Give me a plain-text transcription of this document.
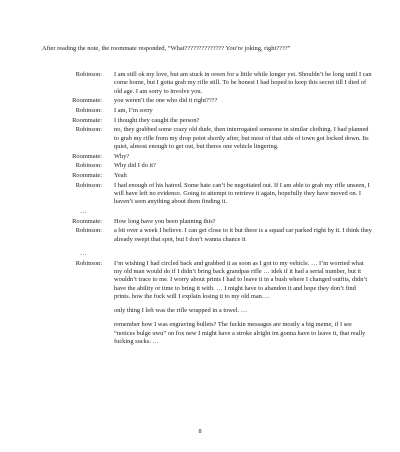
After reading the note, the roommate responded, “What?????????????? You’re joking, right????”
Robinson:	I am still ok my love, but am stuck in oreen for a little while longer yet. Shouldn’t be long until I can come home, but I gotta grab my rifle still. To be honest I had hoped to keep this secret till I died of old age. I am sorry to involve you.
Roommate:	you weren’t the one who did it right????
Robinson:	I am, I’m sorry
Roommate:	I thought they caught the person?
Robinson:	no, they grabbed some crazy old dude, then interrogated someone in similar clothing. I had planned to grab my rifle from my drop point shortly after, but most of that side of town got locked down. Its quiet, almost enough to get out, but theres one vehicle lingering.
Roommate:	Why?
Robinson:	Why did I do it?
Roommate:	Yeah
Robinson:	I had enough of his hatred. Some hate can’t be negotiated out. If I am able to grab my rifle unseen, I will have left no evidence. Going to attempt to retrieve it again, hopefully they have moved on. I haven’t seen anything about them finding it.
…
Roommate:	How long have you been planning this?
Robinson:	a bit over a week I believe. I can get close to it but there is a squad car parked right by it. I think they already swept that spot, but I don’t wanna chance it
…
Robinson:	I’m wishing I had circled back and grabbed it as soon as I got to my vehicle. … I’m worried what my old man would do if I didn’t bring back grandpas rifle … idek if it had a serial number, but it wouldn’t trace to me. I worry about prints I had to leave it in a bush where I changed outfits, didn’t have the ability or time to bring it with. … I might have to abandon it and hope they don’t find prints. how the fuck will I explain losing it to my old man….
only thing I left was the rifle wrapped in a towel. …
remember how I was engraving bullets? The fuckin messages are mostly a big meme, if I see “notices bulge uwu” on fox new I might have a stroke alright im gonna have to leave it, that really fucking sucks. …
8
